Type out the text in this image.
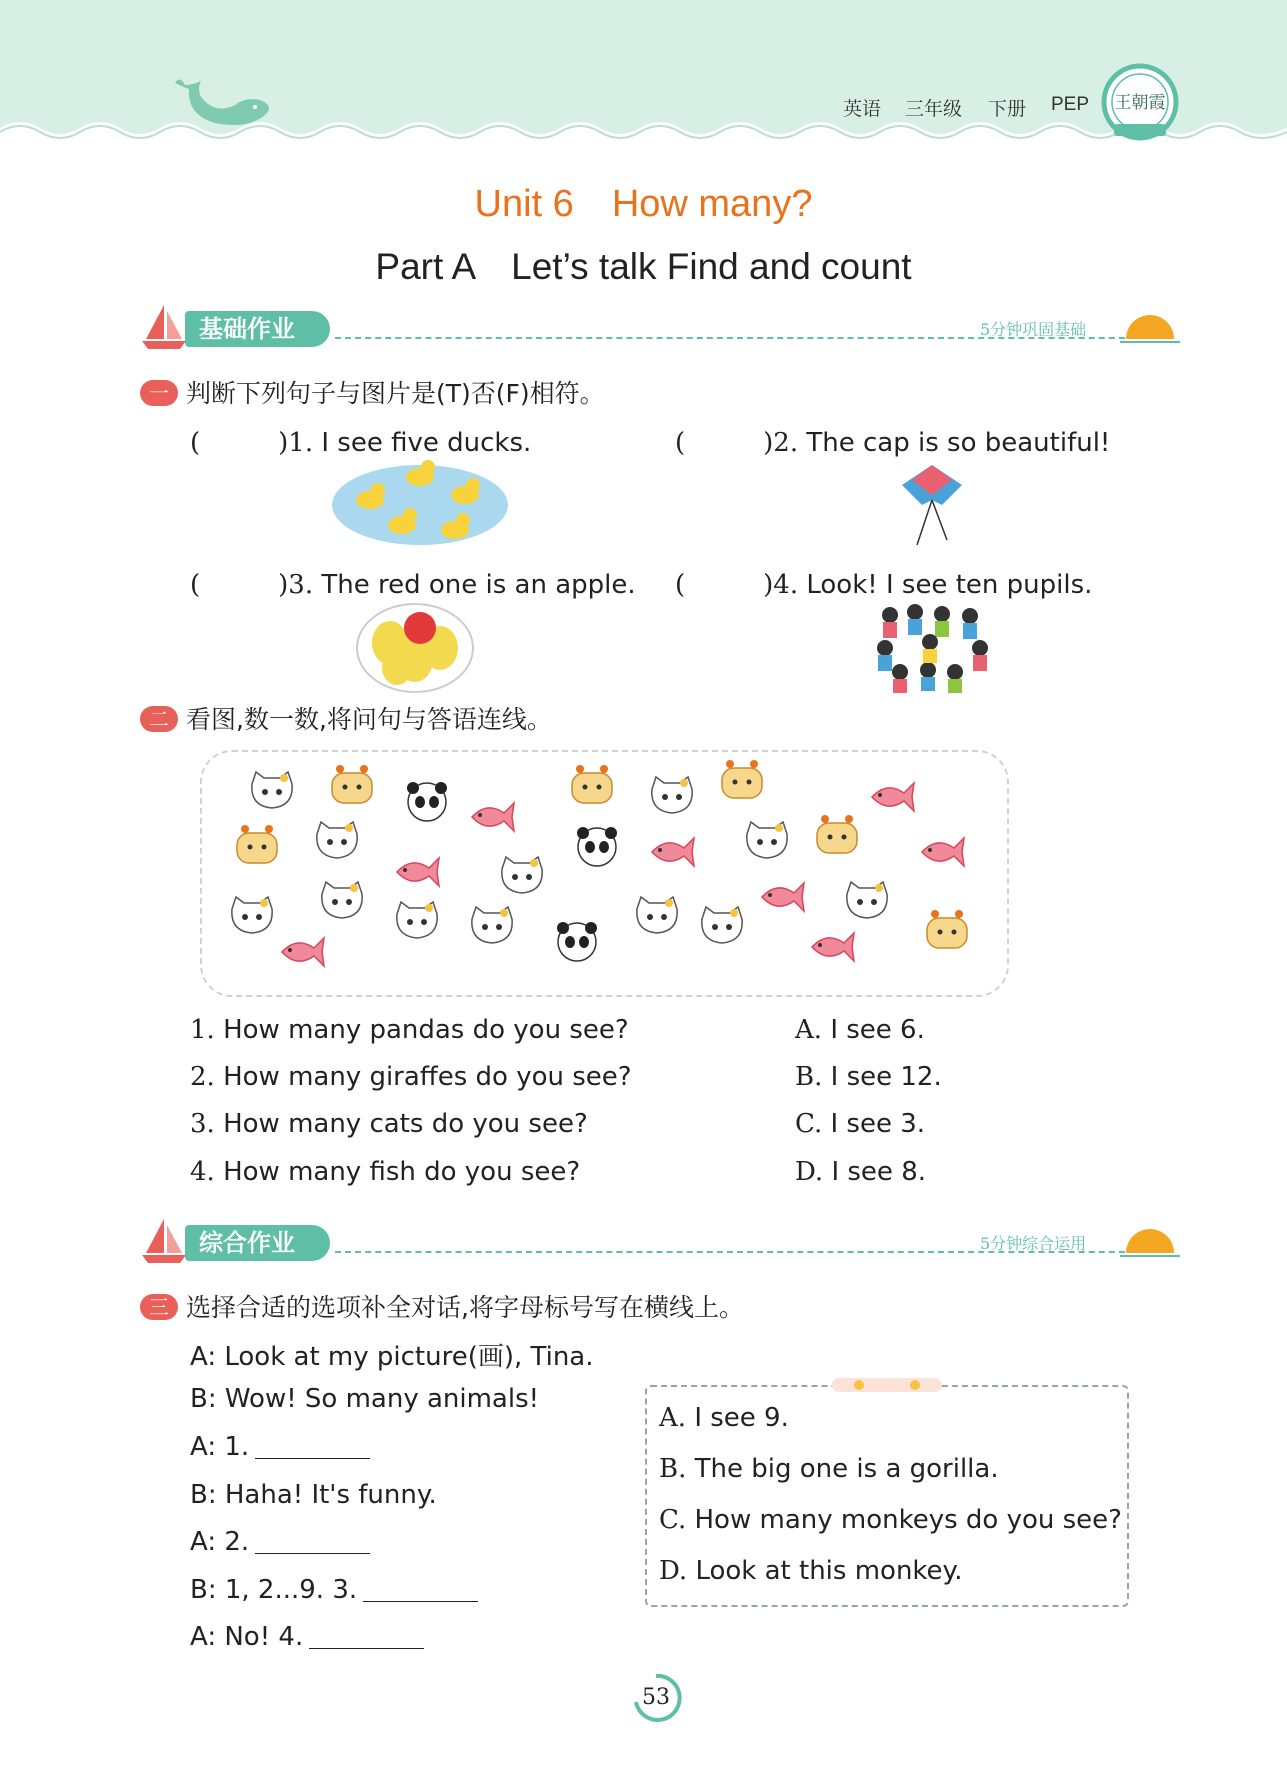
英语 三年级 下册 PEP 王朝霞
Unit 6　How many?
Part A　Let’s talk Find and count
基础作业	5分钟巩固基础
一 判断下列句子与图片是(T)否(F)相符。
(　　　)1. I see five ducks.	(　　　)2. The cap is so beautiful!
(　　　)3. The red one is an apple. (　　　)4. Look! I see ten pupils.
二 看图,数一数,将问句与答语连线。
1. How many pandas do you see?
2. How many giraffes do you see?
3. How many cats do you see?
4. How many fish do you see?
A. I see 6.
B. I see 12.
C. I see 3.
D. I see 8.
综合作业	5分钟综合运用
三 选择合适的选项补全对话,将字母标号写在横线上。
A: Look at my picture(画), Tina.
B: Wow! So many animals!
A: 1.
B: Haha! It's funny.
A: 2.
B: 1, 2...9. 3.
A: No! 4.
A. I see 9.
B. The big one is a gorilla.
C. How many monkeys do you see?
D. Look at this monkey.
53
